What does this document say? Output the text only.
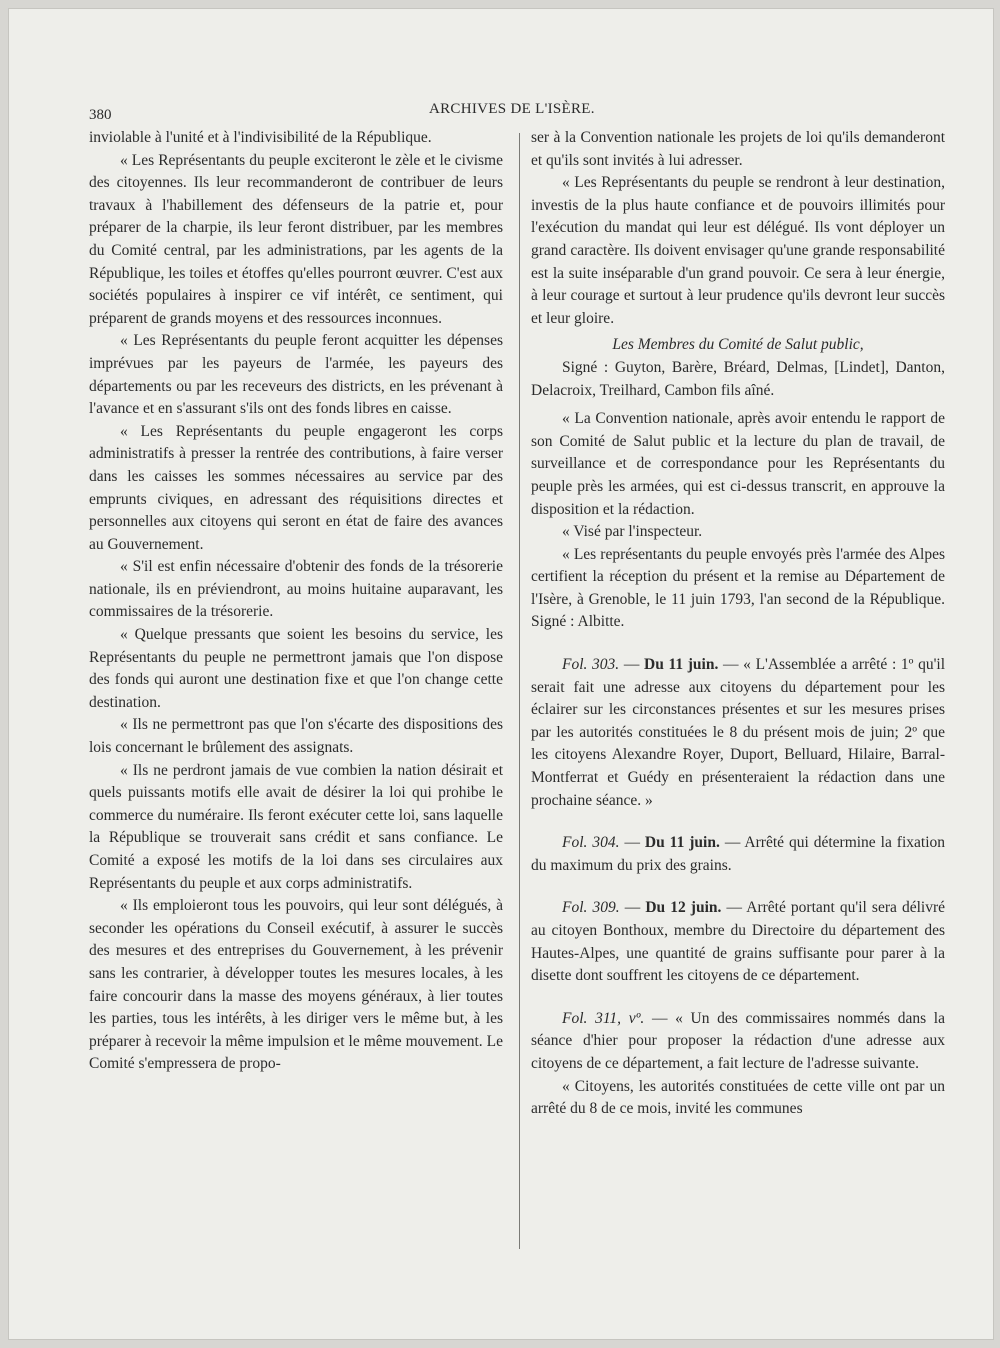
380	ARCHIVES DE L'ISÈRE.

inviolable à l'unité et à l'indivisibilité de la République.

« Les Représentants du peuple exciteront le zèle et le civisme des citoyennes. Ils leur recommanderont de contribuer de leurs travaux à l'habillement des défenseurs de la patrie et, pour préparer de la charpie, ils leur feront distribuer, par les membres du Comité central, par les administrations, par les agents de la République, les toiles et étoffes qu'elles pourront œuvrer. C'est aux sociétés populaires à inspirer ce vif intérêt, ce sentiment, qui préparent de grands moyens et des ressources inconnues.

« Les Représentants du peuple feront acquitter les dépenses imprévues par les payeurs de l'armée, les payeurs des départements ou par les receveurs des districts, en les prévenant à l'avance et en s'assurant s'ils ont des fonds libres en caisse.

« Les Représentants du peuple engageront les corps administratifs à presser la rentrée des contributions, à faire verser dans les caisses les sommes nécessaires au service par des emprunts civiques, en adressant des réquisitions directes et personnelles aux citoyens qui seront en état de faire des avances au Gouvernement.

« S'il est enfin nécessaire d'obtenir des fonds de la trésorerie nationale, ils en préviendront, au moins huitaine auparavant, les commissaires de la trésorerie.

« Quelque pressants que soient les besoins du service, les Représentants du peuple ne permettront jamais que l'on dispose des fonds qui auront une destination fixe et que l'on change cette destination.

« Ils ne permettront pas que l'on s'écarte des dispositions des lois concernant le brûlement des assignats.

« Ils ne perdront jamais de vue combien la nation désirait et quels puissants motifs elle avait de désirer la loi qui prohibe le commerce du numéraire. Ils feront exécuter cette loi, sans laquelle la République se trouverait sans crédit et sans confiance. Le Comité a exposé les motifs de la loi dans ses circulaires aux Représentants du peuple et aux corps administratifs.

« Ils emploieront tous les pouvoirs, qui leur sont délégués, à seconder les opérations du Conseil exécutif, à assurer le succès des mesures et des entreprises du Gouvernement, à les prévenir sans les contrarier, à développer toutes les mesures locales, à les faire concourir dans la masse des moyens généraux, à lier toutes les parties, tous les intérêts, à les diriger vers le même but, à les préparer à recevoir la même impulsion et le même mouvement. Le Comité s'empressera de propo-

ser à la Convention nationale les projets de loi qu'ils demanderont et qu'ils sont invités à lui adresser.

« Les Représentants du peuple se rendront à leur destination, investis de la plus haute confiance et de pouvoirs illimités pour l'exécution du mandat qui leur est délégué. Ils vont déployer un grand caractère. Ils doivent envisager qu'une grande responsabilité est la suite inséparable d'un grand pouvoir. Ce sera à leur énergie, à leur courage et surtout à leur prudence qu'ils devront leur succès et leur gloire.

Les Membres du Comité de Salut public,

Signé : Guyton, Barère, Bréard, Delmas, [Lindet], Danton, Delacroix, Treilhard, Cambon fils aîné.

« La Convention nationale, après avoir entendu le rapport de son Comité de Salut public et la lecture du plan de travail, de surveillance et de correspondance pour les Représentants du peuple près les armées, qui est ci-dessus transcrit, en approuve la disposition et la rédaction.

« Visé par l'inspecteur.

« Les représentants du peuple envoyés près l'armée des Alpes certifient la réception du présent et la remise au Département de l'Isère, à Grenoble, le 11 juin 1793, l'an second de la République. Signé : Albitte.

Fol. 303. — Du 11 juin. — « L'Assemblée a arrêté : 1º qu'il serait fait une adresse aux citoyens du département pour les éclairer sur les circonstances présentes et sur les mesures prises par les autorités constituées le 8 du présent mois de juin; 2º que les citoyens Alexandre Royer, Duport, Belluard, Hilaire, Barral-Montferrat et Guédy en présenteraient la rédaction dans une prochaine séance. »

Fol. 304. — Du 11 juin. — Arrêté qui détermine la fixation du maximum du prix des grains.

Fol. 309. — Du 12 juin. — Arrêté portant qu'il sera délivré au citoyen Bonthoux, membre du Directoire du département des Hautes-Alpes, une quantité de grains suffisante pour parer à la disette dont souffrent les citoyens de ce département.

Fol. 311, vº. — « Un des commissaires nommés dans la séance d'hier pour proposer la rédaction d'une adresse aux citoyens de ce département, a fait lecture de l'adresse suivante.

« Citoyens, les autorités constituées de cette ville ont par un arrêté du 8 de ce mois, invité les communes
